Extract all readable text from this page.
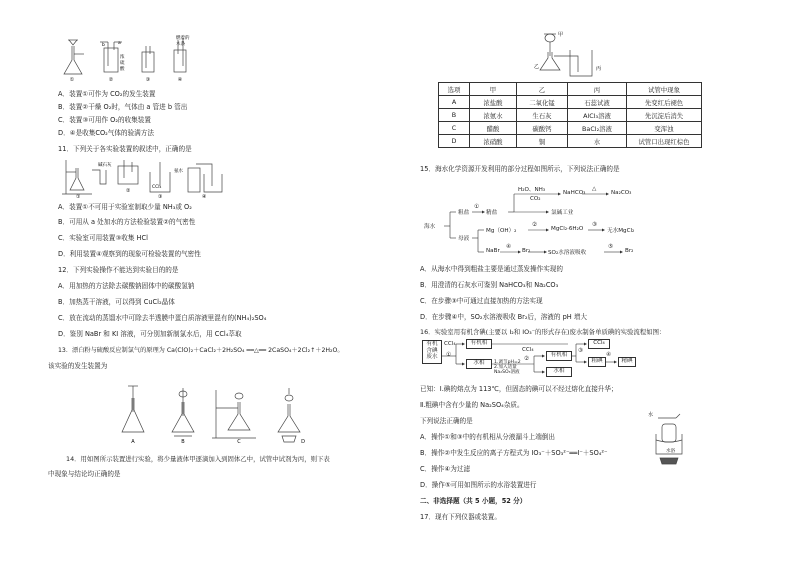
①	②	③	④
浓
硫
酸
a
b
燃着的
木条
A．装置①可作为 CO₂的发生装置
B．装置②干燥 O₂时，气体由 a 管进 b 管出
C．装置③可用作 O₂的收集装置
D．④是收集CO₂气体的验满方法
11．下列关于各实验装置的叙述中，正确的是
碱石灰
CCl₄
氨水
①
②
③	④
A．装置①不可用于实验室制取少量 NH₃或 O₂
B．可用从 a 处加水的方法检验装置②的气密性
C．实验室可用装置③收集 HCl
D．利用装置④观察到的现象可检验装置的气密性
12．下列实验操作不能达到实验目的的是
A．用加热的方法除去碳酸钠固体中的碳酸氢钠
B．加热蒸干溶液，可以得到 CuCl₂晶体
C．放在流动的蒸馏水中可除去半透膜中蛋白质溶液里混有的(NH₄)₂SO₄
D．鉴别 NaBr 和 KI 溶液，可分别加新制氯水后，用 CCl₄萃取
13．漂白粉与硫酸反应制氯气的原理为 Ca(ClO)₂＋CaCl₂＋2H₂SO₄ ══△══ 2CaSO₄＋2Cl₂↑＋2H₂O。
该实验的发生装置为
A	B	C	D
14．用如图所示装置进行实验，将少量液体甲逐滴加入到固体乙中，试管中试剂为丙，则下表
中现象与结论均正确的是
甲
乙	丙
选项	甲	乙	丙	试管中现象
A	浓盐酸	二氧化锰	石蕊试液	先变红后褪色
B	浓氨水	生石灰	AlCl₃溶液	先沉淀后消失
C	醋酸	碳酸钙	BaCl₂溶液	变浑浊
D	浓硝酸	铜	水	试管口出现红棕色
15．海水化学资源开发利用的部分过程如图所示，下列说法正确的是
海水
粗盐
①
精盐
H₂O、NH₃
CO₂
NaHCO₃
△
Na₂CO₃
氯碱工业
母液
Mg（OH）₂
②
MgCl₂·6H₂O
③
无水MgCl₂
NaBr
④
Br₂	SO₂水溶液吸收
⑤
Br₂
A．从海水中得到粗盐主要是通过蒸发操作实现的
B．用澄清的石灰水可鉴别 NaHCO₃和 Na₂CO₃
C．在步骤③中可通过直接加热的方法实现
D．在步骤④中，SO₂水溶液吸收 Br₂后，溶液的 pH 增大
16．实验室用有机含碘(主要以 I₂和 IO₃⁻的形式存在)废水制备单质碘的实验流程如图：
有机
含碘
废水
CCl₄
①
有机相
水相	1.调节pH=2
2.加入适量
Na₂SO₃溶液
②
CCl₄
有机相
水相
③
CCl₄
粗碘
④
精碘
已知：Ⅰ.碘的熔点为 113℃，但固态的碘可以不经过熔化直接升华；
Ⅱ.粗碘中含有少量的 Na₂SO₄杂质。
下列说法正确的是
水
水浴
A．操作①和③中的有机相从分液漏斗上端倒出
B．操作②中发生反应的离子方程式为 IO₃⁻＋SO₃²⁻══I⁻＋SO₄²⁻
C．操作④为过滤
D．操作⑤可用如图所示的水浴装置进行
二、非选择题（共 5 小题，52 分）
17．现有下列仪器或装置。
